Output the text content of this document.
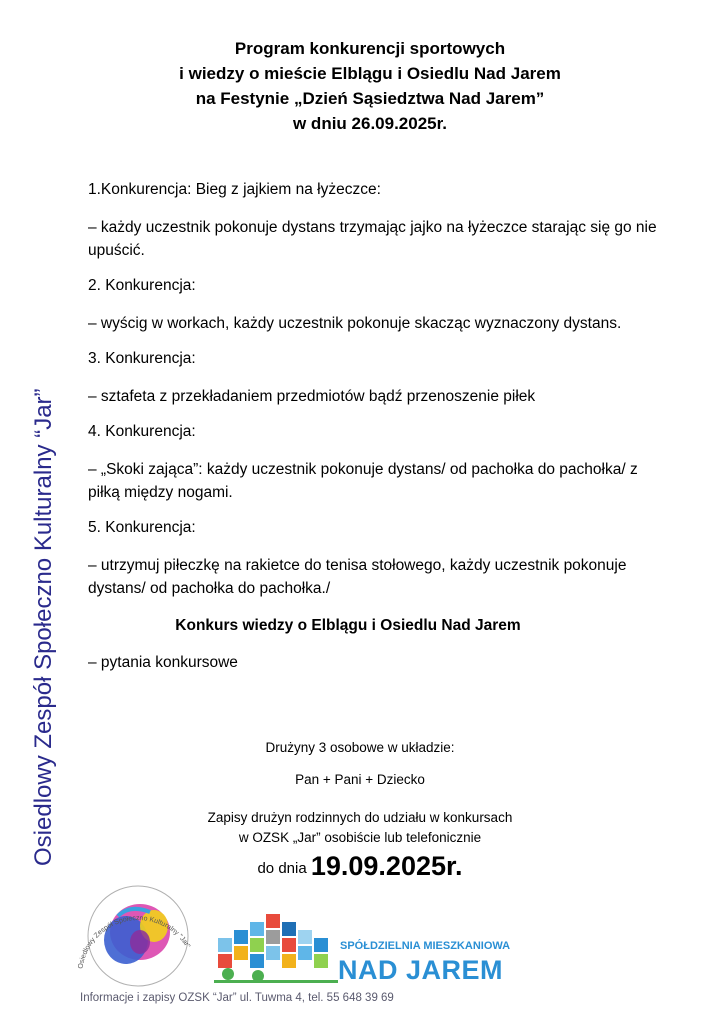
Program konkurencji sportowych
i wiedzy o mieście Elblągu i Osiedlu Nad Jarem
na Festynie „Dzień Sąsiedztwa Nad Jarem”
w dniu 26.09.2025r.

1.Konkurencja: Bieg z jajkiem na łyżeczce:

– każdy uczestnik pokonuje dystans trzymając jajko na łyżeczce starając się go nie upuścić.

2. Konkurencja:

– wyścig w workach, każdy uczestnik pokonuje skacząc wyznaczony dystans.

3. Konkurencja:

– sztafeta z przekładaniem przedmiotów bądź przenoszenie piłek

4. Konkurencja:

– „Skoki zająca”: każdy uczestnik pokonuje dystans/ od pachołka do pachołka/ z piłką między nogami.

5. Konkurencja:

– utrzymuj piłeczkę na rakietce do tenisa stołowego, każdy uczestnik pokonuje dystans/ od pachołka do pachołka./

Konkurs wiedzy o Elblągu i Osiedlu Nad Jarem

– pytania konkursowe

Drużyny 3 osobowe w układzie:
Pan + Pani + Dziecko
Zapisy drużyn rodzinnych do udziału w konkursach
w OZSK „Jar” osobiście lub telefonicznie
do dnia 19.09.2025r.
Osiedlowy Zespół Społeczno Kulturalny “Jar”
Osiedlowy Zespół Społeczno Kulturalny "Jar"	SPÓŁDZIELNIA MIESZKANIOWA
NAD JAREM
Informacje i zapisy OZSK “Jar” ul. Tuwma 4, tel. 55 648 39 69
